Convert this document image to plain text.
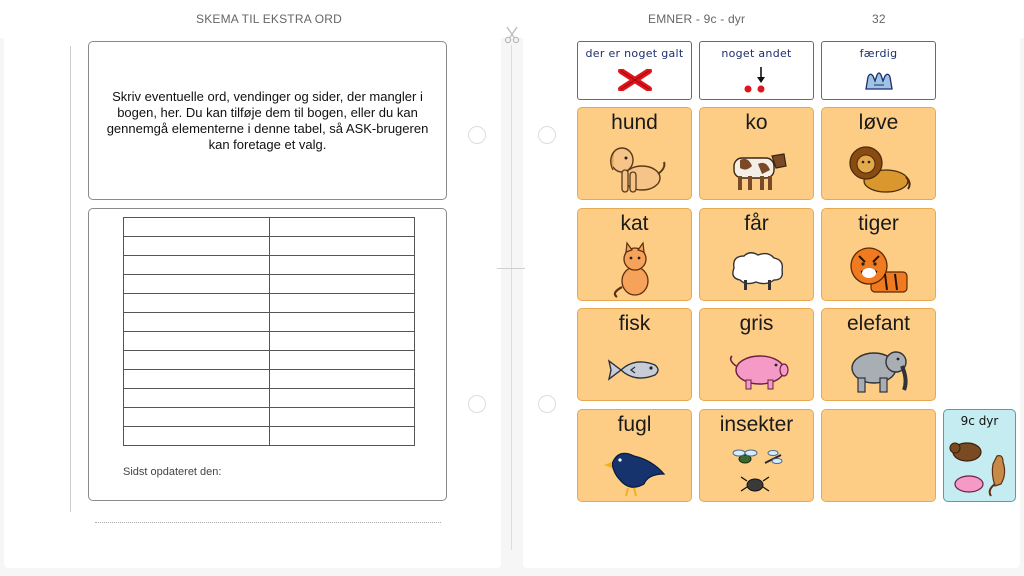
SKEMA TIL EKSTRA ORD	EMNER - 9c - dyr	32
Skriv eventuelle ord, vendinger og sider, der mangler i bogen, her. Du kan tilføje dem til bogen, eller du kan gennemgå elementerne i denne tabel, så ASK-brugeren kan foretage et valg.

Sidst opdateret den:
der er noget galt	noget andet	færdig
hund	ko	løve
kat	får	tiger
fisk	gris	elefant
fugl	insekter	9c dyr
